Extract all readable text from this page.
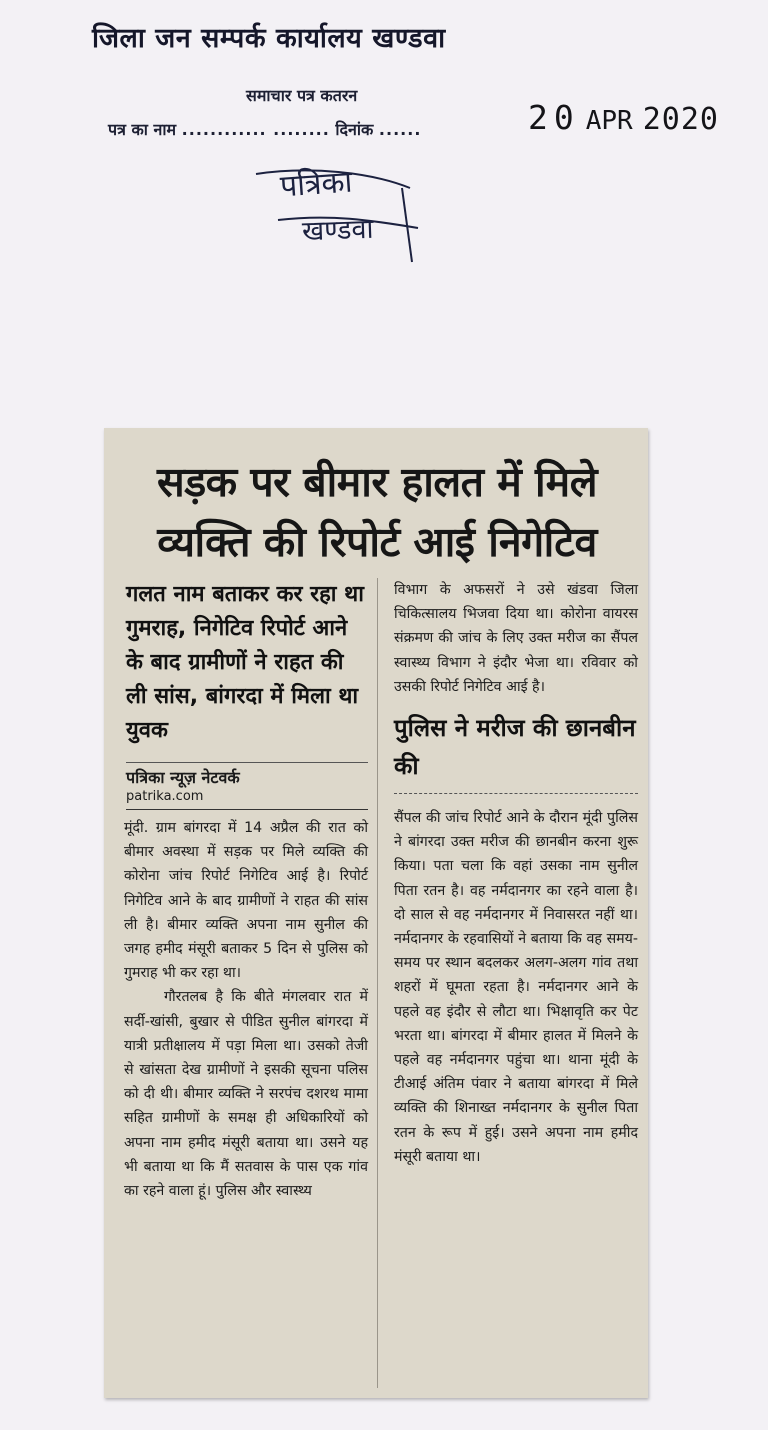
जिला जन सम्पर्क कार्यालय खण्डवा
समाचार पत्र कतरन
पत्र का नाम ............ ........ दिनांक ......	20 APR 2020
पत्रिका
खण्डवा
सड़क पर बीमार हालत में मिले व्यक्ति की रिपोर्ट आई निगेटिव
गलत नाम बताकर कर रहा था गुमराह, निगेटिव रिपोर्ट आने के बाद ग्रामीणों ने राहत की ली सांस, बांगरदा में मिला था युवक
पत्रिका न्यूज़ नेटवर्क
patrika.com

मूंदी. ग्राम बांगरदा में 14 अप्रैल की रात को बीमार अवस्था में सड़क पर मिले व्यक्ति की कोरोना जांच रिपोर्ट निगेटिव आई है। रिपोर्ट निगेटिव आने के बाद ग्रामीणों ने राहत की सांस ली है। बीमार व्यक्ति अपना नाम सुनील की जगह हमीद मंसूरी बताकर 5 दिन से पुलिस को गुमराह भी कर रहा था।

गौरतलब है कि बीते मंगलवार रात में सर्दी-खांसी, बुखार से पीडित सुनील बांगरदा में यात्री प्रतीक्षालय में पड़ा मिला था। उसको तेजी से खांसता देख ग्रामीणों ने इसकी सूचना पलिस को दी थी। बीमार व्यक्ति ने सरपंच दशरथ मामा सहित ग्रामीणों के समक्ष ही अधिकारियों को अपना नाम हमीद मंसूरी बताया था। उसने यह भी बताया था कि मैं सतवास के पास एक गांव का रहने वाला हूं। पुलिस और स्वास्थ्य

विभाग के अफसरों ने उसे खंडवा जिला चिकित्सालय भिजवा दिया था। कोरोना वायरस संक्रमण की जांच के लिए उक्त मरीज का सैंपल स्वास्थ्य विभाग ने इंदौर भेजा था। रविवार को उसकी रिपोर्ट निगेटिव आई है।

पुलिस ने मरीज की छानबीन की

सैंपल की जांच रिपोर्ट आने के दौरान मूंदी पुलिस ने बांगरदा उक्त मरीज की छानबीन करना शुरू किया। पता चला कि वहां उसका नाम सुनील पिता रतन है। वह नर्मदानगर का रहने वाला है। दो साल से वह नर्मदानगर में निवासरत नहीं था। नर्मदानगर के रहवासियों ने बताया कि वह समय-समय पर स्थान बदलकर अलग-अलग गांव तथा शहरों में घूमता रहता है। नर्मदानगर आने के पहले वह इंदौर से लौटा था। भिक्षावृति कर पेट भरता था। बांगरदा में बीमार हालत में मिलने के पहले वह नर्मदानगर पहुंचा था। थाना मूंदी के टीआई अंतिम पंवार ने बताया बांगरदा में मिले व्यक्ति की शिनाख्त नर्मदानगर के सुनील पिता रतन के रूप में हुई। उसने अपना नाम हमीद मंसूरी बताया था।
